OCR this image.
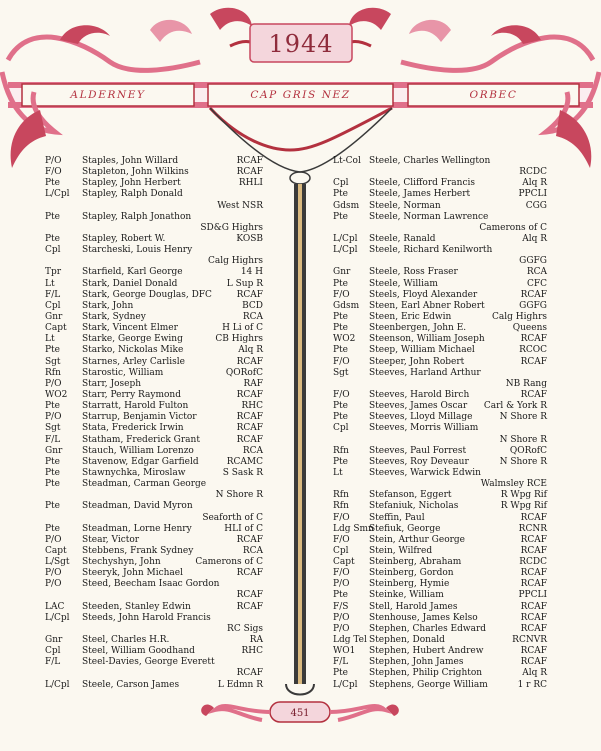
1944
ALDERNEY	CAP GRIS NEZ	ORBEC
P/O Staples, John Willard	RCAF
F/O Stapleton, John Wilkins	RCAF
Pte Stapley, John Herbert	RHLI
L/Cpl Stapley, Ralph Donald
West NSR
Pte Stapley, Ralph Jonathon
SD&G Highrs
Pte Stapley, Robert W.	KOSB
Cpl Starcheski, Louis Henry
Calg Highrs
Tpr Starfield, Karl George	14 H
Lt	Stark, Daniel Donald	L Sup R
F/L Stark, George Douglas, DFC	RCAF
Cpl Stark, John	BCD
Gnr Stark, Sydney	RCA
Capt Stark, Vincent Elmer	H Li of C
Lt	Starke, George Ewing	CB Highrs
Pte Starko, Nickolas Mike	Alq R
Sgt Starnes, Arley Carlisle	RCAF
Rfn Starostic, William	QORofC
P/O Starr, Joseph	RAF
WO2 Starr, Perry Raymond	RCAF
Pte Starratt, Harold Fulton	RHC
P/O Starrup, Benjamin Victor	RCAF
Sgt Stata, Frederick Irwin	RCAF
F/L Statham, Frederick Grant	RCAF
Gnr Stauch, William Lorenzo	RCA
Pte Stavenow, Edgar Garfield	RCAMC
Pte Stawnychka, Miroslaw	S Sask R
Pte Steadman, Carman George
N Shore R
Pte Steadman, David Myron
Seaforth of C
Pte Steadman, Lorne Henry	HLI of C
P/O Stear, Victor	RCAF
Capt Stebbens, Frank Sydney	RCA
L/Sgt Stechyshyn, John	Camerons of C
P/O Steeryk, John Michael	RCAF
P/O Steed, Beecham Isaac Gordon
RCAF
LAC Steeden, Stanley Edwin	RCAF
L/Cpl Steeds, John Harold Francis
RC Sigs
Gnr Steel, Charles H.R.	RA
Cpl Steel, William Goodhand	RHC
F/L Steel-Davies, George Everett
RCAF
L/Cpl Steele, Carson James	L Edmn R
Lt-Col Steele, Charles Wellington
RCDC
Cpl Steele, Clifford Francis	Alq R
Pte Steele, James Herbert	PPCLI
Gdsm Steele, Norman	CGG
Pte Steele, Norman Lawrence
Camerons of C
L/Cpl Steele, Ranald	Alq R
L/Cpl Steele, Richard Kenilworth
GGFG
Gnr Steele, Ross Fraser	RCA
Pte Steele, William	CFC
F/O Steels, Floyd Alexander	RCAF
Gdsm Steen, Earl Abner Robert	GGFG
Pte Steen, Eric Edwin	Calg Highrs
Pte Steenbergen, John E.	Queens
WO2 Steenson, William Joseph	RCAF
Pte Steep, William Michael	RCOC
F/O Steeper, John Robert	RCAF
Sgt Steeves, Harland Arthur
NB Rang
F/O Steeves, Harold Birch	RCAF
Pte Steeves, James Oscar Carl & York R
Pte Steeves, Lloyd Millage	N Shore R
Cpl Steeves, Morris William
N Shore R
Rfn Steeves, Paul Forrest	QORofC
Pte Steeves, Roy Deveaur	N Shore R
Lt	Steeves, Warwick Edwin
Walmsley RCE
Rfn Stefanson, Eggert	R Wpg Rif
Rfn Stefaniuk, Nicholas	R Wpg Rif
F/O Steffin, Paul	RCAF
Ldg Smn
Stefiuk, George	RCNR
F/O Stein, Arthur George	RCAF
Cpl Stein, Wilfred	RCAF
Capt Steinberg, Abraham	RCDC
F/O Steinberg, Gordon	RCAF
P/O Steinberg, Hymie	RCAF
Pte Steinke, William	PPCLI
F/S Stell, Harold James	RCAF
P/O Stenhouse, James Kelso	RCAF
P/O Stephen, Charles Edward	RCAF
Ldg Tel Stephen, Donald	RCNVR
WO1 Stephen, Hubert Andrew	RCAF
F/L Stephen, John James	RCAF
Pte Stephen, Philip Crighton	Alq R
L/Cpl Stephens, George William	1 r RC
451
